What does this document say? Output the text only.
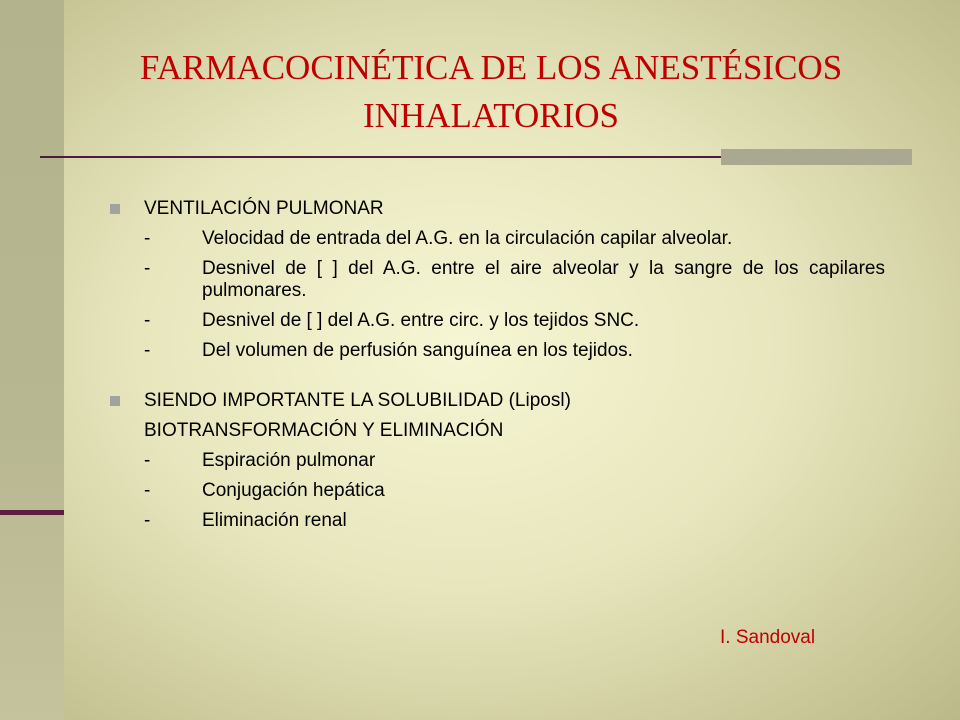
FARMACOCINÉTICA DE LOS ANESTÉSICOS INHALATORIOS
VENTILACIÓN PULMONAR
-	Velocidad de entrada del A.G. en la circulación capilar alveolar.
-	Desnivel de [ ] del A.G. entre el aire alveolar y la sangre de los capilares pulmonares.
-	Desnivel de [ ] del A.G. entre circ. y los tejidos SNC.
-	Del volumen de perfusión sanguínea en los tejidos.
SIENDO IMPORTANTE LA SOLUBILIDAD (Liposl)
BIOTRANSFORMACIÓN Y ELIMINACIÓN
-	Espiración pulmonar
-	Conjugación hepática
-	Eliminación renal
I. Sandoval
